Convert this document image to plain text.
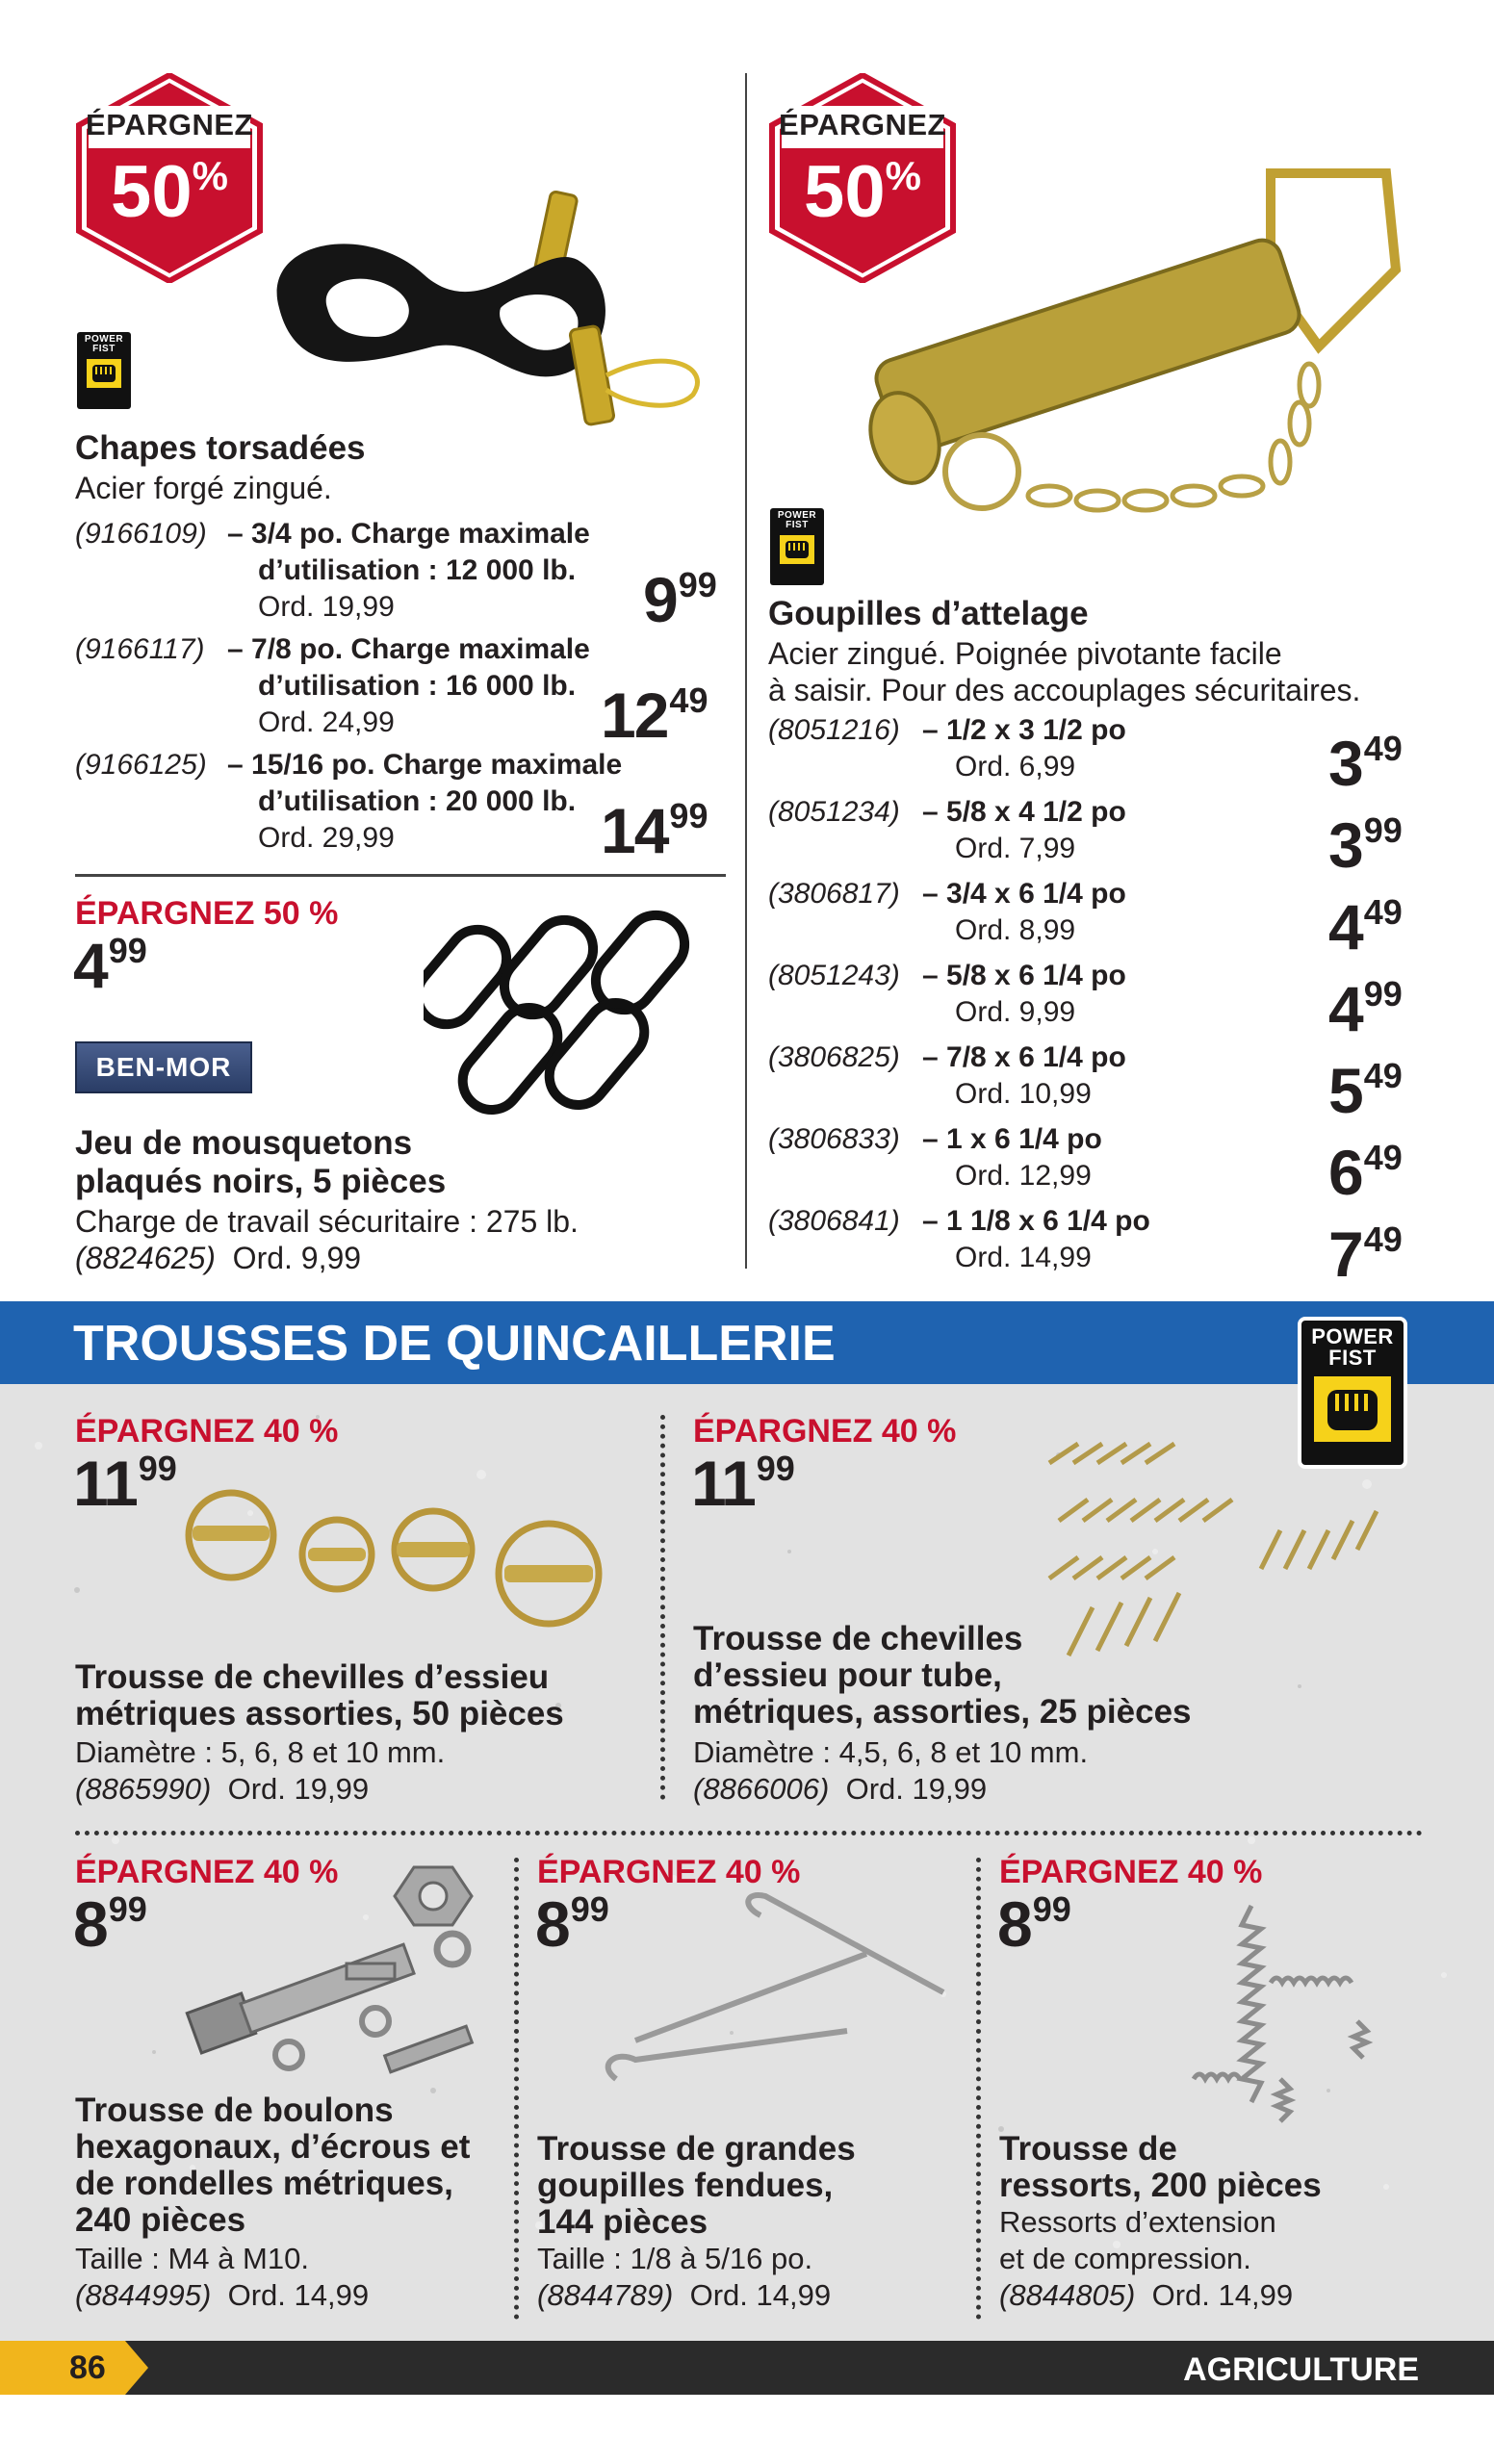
ÉPARGNEZ
50%
POWER
FIST
Chapes torsadées
Acier forgé zingué.
(9166109) – 3/4 po. Charge maximale
d’utilisation : 12 000 lb.
Ord. 19,99	999
(9166117) – 7/8 po. Charge maximale
d’utilisation : 16 000 lb.
Ord. 24,99	1249
(9166125) – 15/16 po. Charge maximale
d’utilisation : 20 000 lb.
Ord. 29,99	1499
ÉPARGNEZ 50 %
499
BEN-MOR
Jeu de mousquetons
plaqués noirs, 5 pièces
Charge de travail sécuritaire : 275 lb.
(8824625) Ord. 9,99
ÉPARGNEZ
50%
POWER
FIST
Goupilles d’attelage
Acier zingué. Poignée pivotante facile
à saisir. Pour des accouplages sécuritaires.
(8051216) – 1/2 x 3 1/2 po
Ord. 6,99	349
(8051234) – 5/8 x 4 1/2 po
Ord. 7,99	399
(3806817) – 3/4 x 6 1/4 po
Ord. 8,99	449
(8051243) – 5/8 x 6 1/4 po
Ord. 9,99	499
(3806825) – 7/8 x 6 1/4 po
Ord. 10,99	549
(3806833) – 1 x 6 1/4 po
Ord. 12,99	649
(3806841) – 1 1/8 x 6 1/4 po
Ord. 14,99	749
TROUSSES DE QUINCAILLERIE	POWER
FIST
ÉPARGNEZ 40 %
1199
Trousse de chevilles d’essieu
métriques assorties, 50 pièces
Diamètre : 5, 6, 8 et 10 mm.
(8865990) Ord. 19,99
ÉPARGNEZ 40 %
1199
Trousse de chevilles
d’essieu pour tube,
métriques, assorties, 25 pièces
Diamètre : 4,5, 6, 8 et 10 mm.
(8866006) Ord. 19,99
ÉPARGNEZ 40 %
899
Trousse de boulons
hexagonaux, d’écrous et
de rondelles métriques,
240 pièces
Taille : M4 à M10.
(8844995) Ord. 14,99
ÉPARGNEZ 40 %
899
Trousse de grandes
goupilles fendues,
144 pièces
Taille : 1/8 à 5/16 po.
(8844789) Ord. 14,99
ÉPARGNEZ 40 %
899
Trousse de
ressorts, 200 pièces
Ressorts d’extension
et de compression.
(8844805) Ord. 14,99
86	AGRICULTURE
